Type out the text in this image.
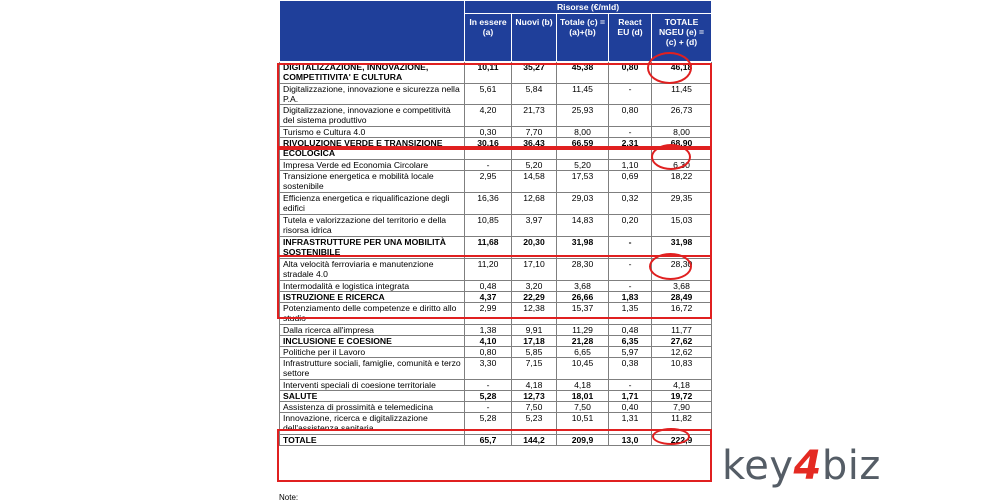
	Risorse (€/mld)				
	In essere (a)	Nuovi (b)	Totale (c) = (a)+(b)	React EU (d)	TOTALE NGEU (e) = (c) + (d)
DIGITALIZZAZIONE, INNOVAZIONE, COMPETITIVITA' E CULTURA	10,11	35,27	45,38	0,80	46,18
Digitalizzazione, innovazione e sicurezza nella P.A.	5,61	5,84	11,45	-	11,45
Digitalizzazione, innovazione e competitività del sistema produttivo	4,20	21,73	25,93	0,80	26,73
Turismo e Cultura 4.0	0,30	7,70	8,00	-	8,00
RIVOLUZIONE VERDE E TRANSIZIONE ECOLOGICA	30,16	36,43	66,59	2,31	68,90
Impresa Verde ed Economia Circolare	-	5,20	5,20	1,10	6,30
Transizione energetica e mobilità locale sostenibile	2,95	14,58	17,53	0,69	18,22
Efficienza energetica e riqualificazione degli edifici	16,36	12,68	29,03	0,32	29,35
Tutela e valorizzazione del territorio e della risorsa idrica	10,85	3,97	14,83	0,20	15,03
INFRASTRUTTURE PER UNA MOBILITÀ SOSTENIBILE	11,68	20,30	31,98	-	31,98
Alta velocità ferroviaria e manutenzione stradale 4.0	11,20	17,10	28,30	-	28,30
Intermodalità e logistica integrata	0,48	3,20	3,68	-	3,68
ISTRUZIONE E RICERCA	4,37	22,29	26,66	1,83	28,49
Potenziamento delle competenze e diritto allo studio	2,99	12,38	15,37	1,35	16,72
Dalla ricerca all'impresa	1,38	9,91	11,29	0,48	11,77
INCLUSIONE E COESIONE	4,10	17,18	21,28	6,35	27,62
Politiche per il Lavoro	0,80	5,85	6,65	5,97	12,62
Infrastrutture sociali, famiglie, comunità e terzo settore	3,30	7,15	10,45	0,38	10,83
Interventi speciali di coesione territoriale	-	4,18	4,18	-	4,18
SALUTE	5,28	12,73	18,01	1,71	19,72
Assistenza di prossimità e telemedicina	-	7,50	7,50	0,40	7,90
Innovazione, ricerca e digitalizzazione dell'assistenza sanitaria	5,28	5,23	10,51	1,31	11,82
TOTALE	65,7	144,2	209,9	13,0	222,9
Note:
key4biz
